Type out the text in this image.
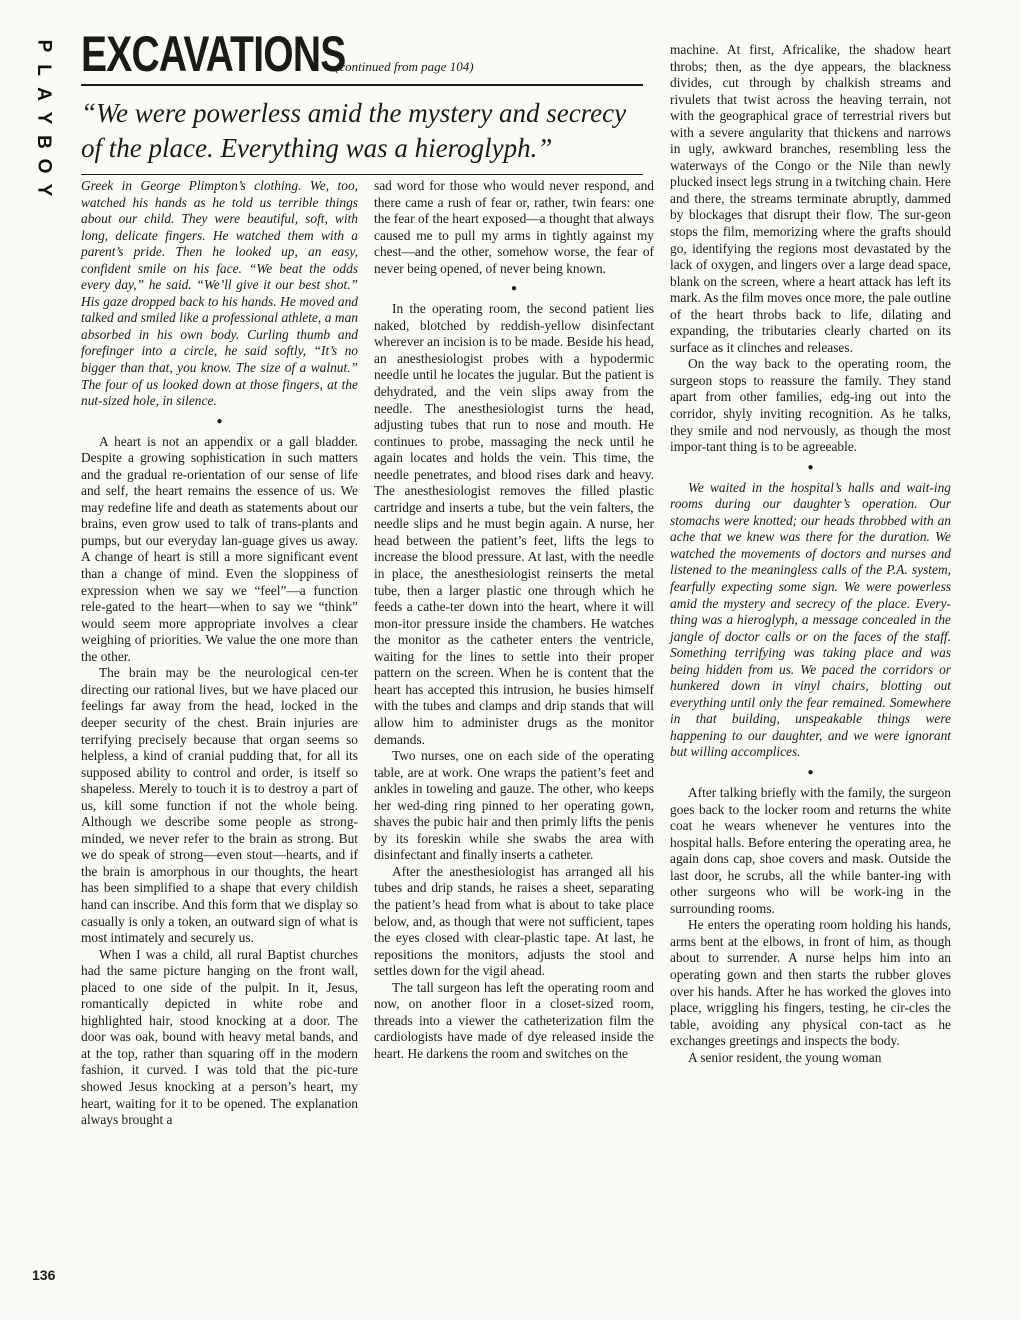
P
L
A
Y
B
O
Y
136
EXCAVATIONS
(continued from page 104)
“We were powerless amid the mystery and secrecy of the place. Everything was a hieroglyph.”

Greek in George Plimpton’s clothing. We, too, watched his hands as he told us terrible things about our child. They were beautiful, soft, with long, delicate fingers. He watched them with a parent’s pride. Then he looked up, an easy, confident smile on his face. “We beat the odds every day,” he said. “We’ll give it our best shot.” His gaze dropped back to his hands. He moved and talked and smiled like a professional athlete, a man absorbed in his own body. Curling thumb and forefinger into a circle, he said softly, “It’s no bigger than that, you know. The size of a walnut.” The four of us looked down at those fingers, at the nut-sized hole, in silence.

●

A heart is not an appendix or a gall bladder. Despite a growing sophistication in such matters and the gradual re-orientation of our sense of life and self, the heart remains the essence of us. We may redefine life and death as statements about our brains, even grow used to talk of trans-plants and pumps, but our everyday lan-guage gives us away. A change of heart is still a more significant event than a change of mind. Even the sloppiness of expression when we say we “feel”—a function rele-gated to the heart—when to say we “think” would seem more appropriate involves a clear weighing of priorities. We value the one more than the other.

The brain may be the neurological cen-ter directing our rational lives, but we have placed our feelings far away from the head, locked in the deeper security of the chest. Brain injuries are terrifying precisely because that organ seems so helpless, a kind of cranial pudding that, for all its supposed ability to control and order, is itself so shapeless. Merely to touch it is to destroy a part of us, kill some function if not the whole being. Although we describe some people as strong-minded, we never refer to the brain as strong. But we do speak of strong—even stout—hearts, and if the brain is amorphous in our thoughts, the heart has been simplified to a shape that every childish hand can inscribe. And this form that we display so casually is only a token, an outward sign of what is most intimately and securely us.

When I was a child, all rural Baptist churches had the same picture hanging on the front wall, placed to one side of the pulpit. In it, Jesus, romantically depicted in white robe and highlighted hair, stood knocking at a door. The door was oak, bound with heavy metal bands, and at the top, rather than squaring off in the modern fashion, it curved. I was told that the pic-ture showed Jesus knocking at a person’s heart, my heart, waiting for it to be opened. The explanation always brought a

sad word for those who would never respond, and there came a rush of fear or, rather, twin fears: one the fear of the heart exposed—a thought that always caused me to pull my arms in tightly against my chest—and the other, somehow worse, the fear of never being opened, of never being known.

●

In the operating room, the second patient lies naked, blotched by reddish-yellow disinfectant wherever an incision is to be made. Beside his head, an anesthesiologist probes with a hypodermic needle until he locates the jugular. But the patient is dehydrated, and the vein slips away from the needle. The anesthesiologist turns the head, adjusting tubes that run to nose and mouth. He continues to probe, massaging the neck until he again locates and holds the vein. This time, the needle penetrates, and blood rises dark and heavy. The anesthesiologist removes the filled plastic cartridge and inserts a tube, but the vein falters, the needle slips and he must begin again. A nurse, her head between the patient’s feet, lifts the legs to increase the blood pressure. At last, with the needle in place, the anesthesiologist reinserts the metal tube, then a larger plastic one through which he feeds a cathe-ter down into the heart, where it will mon-itor pressure inside the chambers. He watches the monitor as the catheter enters the ventricle, waiting for the lines to settle into their proper pattern on the screen. When he is content that the heart has accepted this intrusion, he busies himself with the tubes and clamps and drip stands that will allow him to administer drugs as the monitor demands.

Two nurses, one on each side of the operating table, are at work. One wraps the patient’s feet and ankles in toweling and gauze. The other, who keeps her wed-ding ring pinned to her operating gown, shaves the pubic hair and then primly lifts the penis by its foreskin while she swabs the area with disinfectant and finally inserts a catheter.

After the anesthesiologist has arranged all his tubes and drip stands, he raises a sheet, separating the patient’s head from what is about to take place below, and, as though that were not sufficient, tapes the eyes closed with clear-plastic tape. At last, he repositions the monitors, adjusts the stool and settles down for the vigil ahead.

The tall surgeon has left the operating room and now, on another floor in a closet-sized room, threads into a viewer the catheterization film the cardiologists have made of dye released inside the heart. He darkens the room and switches on the

machine. At first, Africalike, the shadow heart throbs; then, as the dye appears, the blackness divides, cut through by chalkish streams and rivulets that twist across the heaving terrain, not with the geographical grace of terrestrial rivers but with a severe angularity that thickens and narrows in ugly, awkward branches, resembling less the waterways of the Congo or the Nile than newly plucked insect legs strung in a twitching chain. Here and there, the streams terminate abruptly, dammed by blockages that disrupt their flow. The sur-geon stops the film, memorizing where the grafts should go, identifying the regions most devastated by the lack of oxygen, and lingers over a large dead space, blank on the screen, where a heart attack has left its mark. As the film moves once more, the pale outline of the heart throbs back to life, dilating and expanding, the tributaries clearly charted on its surface as it clinches and releases.

On the way back to the operating room, the surgeon stops to reassure the family. They stand apart from other families, edg-ing out into the corridor, shyly inviting recognition. As he talks, they smile and nod nervously, as though the most impor-tant thing is to be agreeable.

●

We waited in the hospital’s halls and wait-ing rooms during our daughter’s operation. Our stomachs were knotted; our heads throbbed with an ache that we knew was there for the duration. We watched the movements of doctors and nurses and listened to the meaningless calls of the P.A. system, fearfully expecting some sign. We were powerless amid the mystery and secrecy of the place. Every-thing was a hieroglyph, a message concealed in the jangle of doctor calls or on the faces of the staff. Something terrifying was taking place and was being hidden from us. We paced the corridors or hunkered down in vinyl chairs, blotting out everything until only the fear remained. Somewhere in that building, unspeakable things were happening to our daughter, and we were ignorant but willing accomplices.

●

After talking briefly with the family, the surgeon goes back to the locker room and returns the white coat he wears whenever he ventures into the hospital halls. Before entering the operating area, he again dons cap, shoe covers and mask. Outside the last door, he scrubs, all the while banter-ing with other surgeons who will be work-ing in the surrounding rooms.

He enters the operating room holding his hands, arms bent at the elbows, in front of him, as though about to surrender. A nurse helps him into an operating gown and then starts the rubber gloves over his hands. After he has worked the gloves into place, wriggling his fingers, testing, he cir-cles the table, avoiding any physical con-tact as he exchanges greetings and inspects the body.

A senior resident, the young woman
